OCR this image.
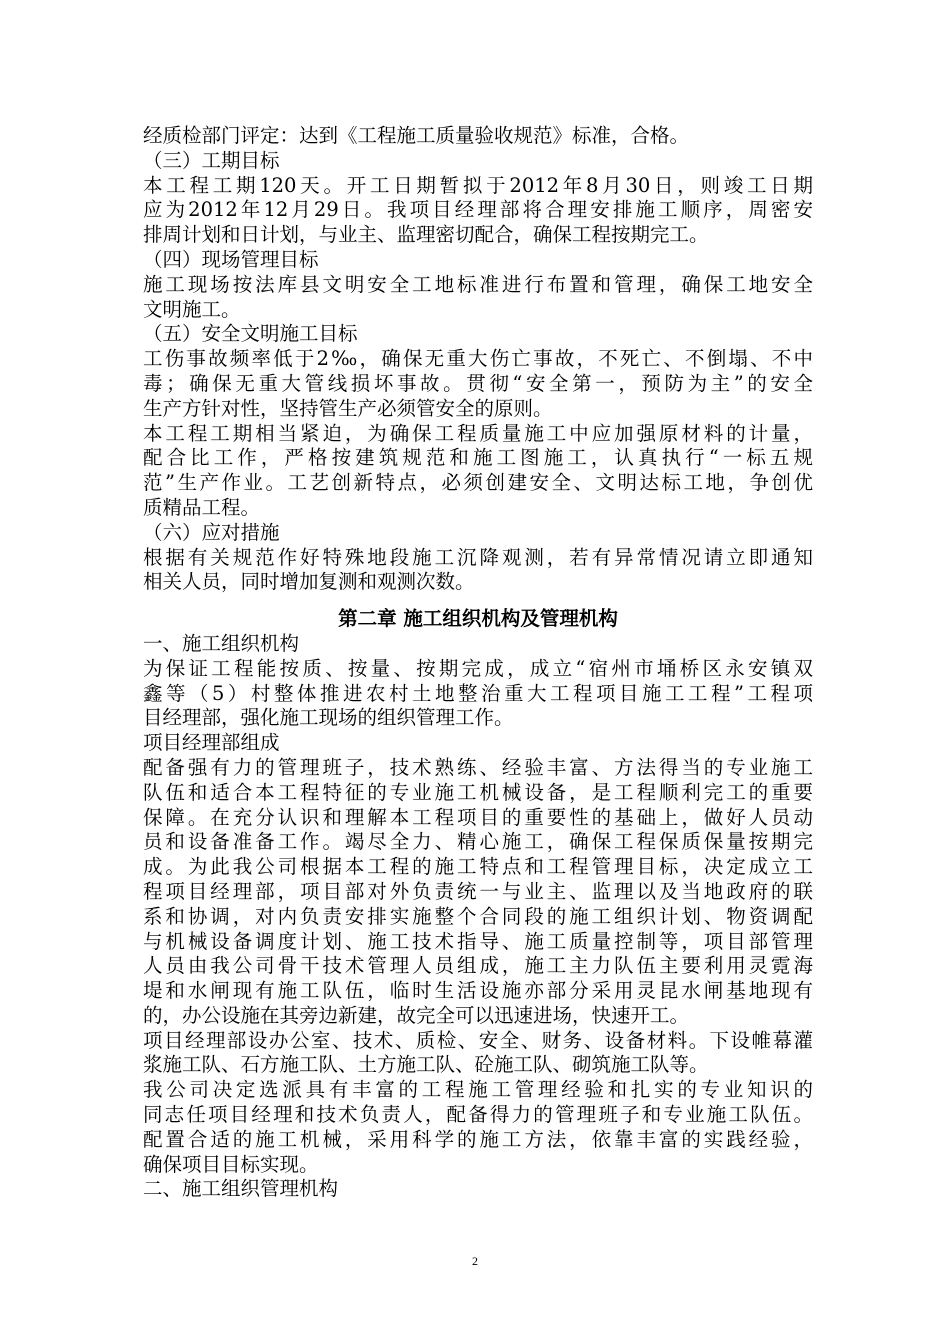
经质检部门评定：达到《工程施工质量验收规范》标准，合格。
（三）工期目标
本工程工期120天。开工日期暂拟于2012年8月30日，则竣工日期
应为2012年12月29日。我项目经理部将合理安排施工顺序，周密安
排周计划和日计划，与业主、监理密切配合，确保工程按期完工。
（四）现场管理目标
施工现场按法库县文明安全工地标准进行布置和管理，确保工地安全
文明施工。
（五）安全文明施工目标
工伤事故频率低于2‰，确保无重大伤亡事故，不死亡、不倒塌、不中
毒；确保无重大管线损坏事故。贯彻“安全第一，预防为主”的安全
生产方针对性，坚持管生产必须管安全的原则。
本工程工期相当紧迫，为确保工程质量施工中应加强原材料的计量，
配合比工作，严格按建筑规范和施工图施工，认真执行“一标五规
范”生产作业。工艺创新特点，必须创建安全、文明达标工地，争创优
质精品工程。
（六）应对措施
根据有关规范作好特殊地段施工沉降观测，若有异常情况请立即通知
相关人员，同时增加复测和观测次数。
第二章 施工组织机构及管理机构
一、施工组织机构
为保证工程能按质、按量、按期完成，成立“宿州市埇桥区永安镇双
鑫等（5）村整体推进农村土地整治重大工程项目施工工程”工程项
目经理部，强化施工现场的组织管理工作。
项目经理部组成
配备强有力的管理班子，技术熟练、经验丰富、方法得当的专业施工
队伍和适合本工程特征的专业施工机械设备，是工程顺利完工的重要
保障。在充分认识和理解本工程项目的重要性的基础上，做好人员动
员和设备准备工作。竭尽全力、精心施工，确保工程保质保量按期完
成。为此我公司根据本工程的施工特点和工程管理目标，决定成立工
程项目经理部，项目部对外负责统一与业主、监理以及当地政府的联
系和协调，对内负责安排实施整个合同段的施工组织计划、物资调配
与机械设备调度计划、施工技术指导、施工质量控制等，项目部管理
人员由我公司骨干技术管理人员组成，施工主力队伍主要利用灵霓海
堤和水闸现有施工队伍，临时生活设施亦部分采用灵昆水闸基地现有
的，办公设施在其旁边新建，故完全可以迅速进场，快速开工。
项目经理部设办公室、技术、质检、安全、财务、设备材料。下设帷幕灌
浆施工队、石方施工队、土方施工队、砼施工队、砌筑施工队等。
我公司决定选派具有丰富的工程施工管理经验和扎实的专业知识的
同志任项目经理和技术负责人，配备得力的管理班子和专业施工队伍。
配置合适的施工机械，采用科学的施工方法，依靠丰富的实践经验，
确保项目目标实现。
二、施工组织管理机构
2
